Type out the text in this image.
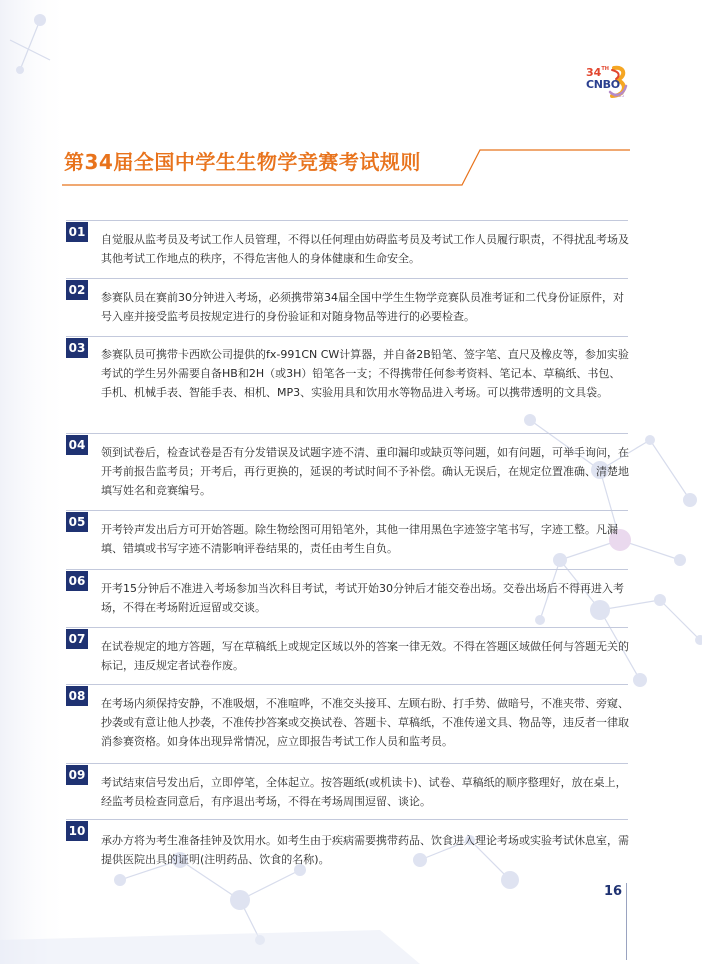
34TH
CNBO
2025
第34届全国中学生生物学竞赛考试规则
01

自觉服从监考员及考试工作人员管理，不得以任何理由妨碍监考员及考试工作人员履行职责，不得扰乱考场及其他考试工作地点的秩序，不得危害他人的身体健康和生命安全。

02

参赛队员在赛前30分钟进入考场，必须携带第34届全国中学生生物学竞赛队员准考证和二代身份证原件，对号入座并接受监考员按规定进行的身份验证和对随身物品等进行的必要检查。

03 参赛队员可携带卡西欧公司提供的fx-991CN CW计算器，并自备2B铅笔、签字笔、直尺及橡皮等，参加实验考试的学生另外需要自备HB和2H（或3H）铅笔各一支；不得携带任何参考资料、笔记本、草稿纸、书包、手机、机械手表、智能手表、相机、MP3、实验用具和饮用水等物品进入考场。可以携带透明的文具袋。

04

领到试卷后，检查试卷是否有分发错误及试题字迹不清、重印漏印或缺页等问题，如有问题，可举手询问，在开考前报告监考员；开考后，再行更换的，延误的考试时间不予补偿。确认无误后，在规定位置准确、清楚地填写姓名和竞赛编号。

05

开考铃声发出后方可开始答题。除生物绘图可用铅笔外，其他一律用黑色字迹签字笔书写，字迹工整。凡漏填、错填或书写字迹不清影响评卷结果的，责任由考生自负。

06

开考15分钟后不准进入考场参加当次科目考试，考试开始30分钟后才能交卷出场。交卷出场后不得再进入考场，不得在考场附近逗留或交谈。

07

在试卷规定的地方答题，写在草稿纸上或规定区域以外的答案一律无效。不得在答题区域做任何与答题无关的标记，违反规定者试卷作废。

08

在考场内须保持安静，不准吸烟，不准喧哗，不准交头接耳、左顾右盼、打手势、做暗号，不准夹带、旁窥、抄袭或有意让他人抄袭，不准传抄答案或交换试卷、答题卡、草稿纸，不准传递文具、物品等，违反者一律取消参赛资格。如身体出现异常情况，应立即报告考试工作人员和监考员。

09

考试结束信号发出后，立即停笔，全体起立。按答题纸(或机读卡)、试卷、草稿纸的顺序整理好，放在桌上，经监考员检查同意后，有序退出考场，不得在考场周围逗留、谈论。

10

承办方将为考生准备挂钟及饮用水。如考生由于疾病需要携带药品、饮食进入理论考场或实验考试休息室，需提供医院出具的证明(注明药品、饮食的名称)。

16
